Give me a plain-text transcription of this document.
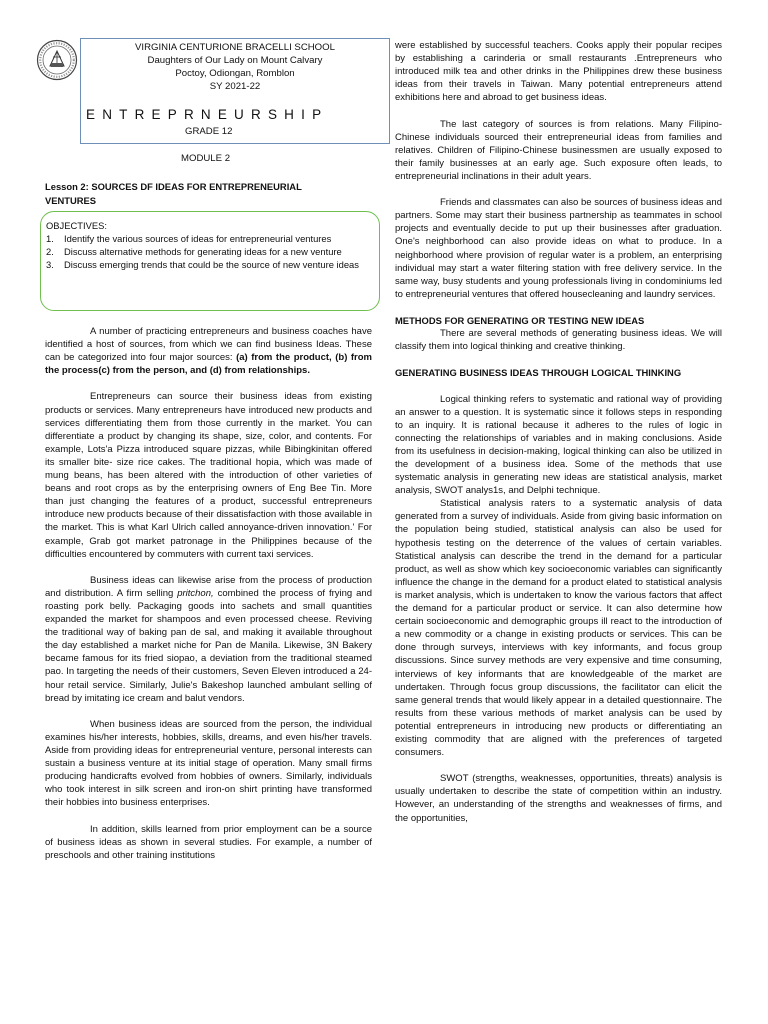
VIRGINIA CENTURIONE BRACELLI SCHOOL
Daughters of Our Lady on Mount Calvary
Poctoy, Odiongan, Romblon
SY 2021-22
ENTREPRNEURSHIP
GRADE 12
MODULE 2
Lesson 2: SOURCES DF IDEAS FOR ENTREPRENEURIAL VENTURES
OBJECTIVES:
1.	Identify the various sources of ideas for entrepreneurial ventures
2.	Discuss alternative methods for generating ideas for a new venture
3.	Discuss emerging trends that could be the source of new venture ideas

A number of practicing entrepreneurs and business coaches have identified a host of sources, from which we can find business Ideas. These can be categorized into four major sources: (a) from the product, (b) from the process(c) from the person, and (d) from relationships.

Entrepreneurs can source their business ideas from existing products or services. Many entrepreneurs have introduced new products and services differentiating them from those currently in the market. You can differentiate a product by changing its shape, size, color, and contents. For example, Lots'a Pizza introduced square pizzas, while Bibingkinitan offered its smaller bite- size rice cakes. The traditional hopia, which was made of mung beans, has been altered with the introduction of other varieties of beans and root crops as by the enterprising owners of Eng Bee Tin. More than just changing the features of a product, successful entrepreneurs introduce new products because of their dissatisfaction with those available in the market. This is what Karl Ulrich called annoyance-driven innovation.' For example, Grab got market patronage in the Philippines because of the difficulties encountered by commuters with current taxi services.

Business ideas can likewise arise from the process of production and distribution. A firm selling pritchon, combined the process of frying and roasting pork belly. Packaging goods into sachets and small quantities expanded the market for shampoos and even processed cheese. Reviving the traditional way of baking pan de sal, and making it available throughout the day established a market niche for Pan de Manila. Likewise, 3N Bakery became famous for its fried siopao, a deviation from the traditional steamed pao. In targeting the needs of their customers, Seven Eleven introduced a 24-hour retail service. Similarly, Julie's Bakeshop launched ambulant selling of bread by imitating ice cream and balut vendors.

When business ideas are sourced from the person, the individual examines his/her interests, hobbies, skills, dreams, and even his/her travels. Aside from providing ideas for entrepreneurial venture, personal interests can sustain a business venture at its initial stage of operation. Many small firms producing handicrafts evolved from hobbies of owners. Similarly, individuals who took interest in silk screen and iron-on shirt printing have transformed their hobbies into business enterprises.

In addition, skills learned from prior employment can be a source of business ideas as shown in several studies. For example, a number of preschools and other training institutions

were established by successful teachers. Cooks apply their popular recipes by establishing a carinderia or small restaurants .Entrepreneurs who introduced milk tea and other drinks in the Philippines drew these business ideas from their travels in Taiwan. Many potential entrepreneurs attend exhibitions here and abroad to get business ideas.

The last category of sources is from relations. Many Filipino-Chinese individuals sourced their entrepreneurial ideas from families and relatives. Children of Filipino-Chinese businessmen are usually exposed to their family businesses at an early age. Such exposure often leads, to entrepreneurial inclinations in their adult years.

Friends and classmates can also be sources of business ideas and partners. Some may start their business partnership as teammates in school projects and eventually decide to put up their businesses after graduation. One's neighborhood can also provide ideas on what to produce. In a neighborhood where provision of regular water is a problem, an enterprising individual may start a water filtering station with free delivery service. In the same way, busy students and young professionals living in condominiums led to entrepreneurial ventures that offered housecleaning and laundry services.

METHODS FOR GENERATING OR TESTING NEW IDEAS

There are several methods of generating business ideas. We will classify them into logical thinking and creative thinking.

GENERATING BUSINESS IDEAS THROUGH LOGICAL THINKING

Logical thinking refers to systematic and rational way of providing an answer to a question. It is systematic since it follows steps in responding to an inquiry. It is rational because it adheres to the rules of logic in connecting the relationships of variables and in making conclusions. Aside from its usefulness in decision-making, logical thinking can also be utilized in the development of a business idea. Some of the methods that use systematic analysis in generating new ideas are statistical analysis, market analysis, SWOT analys1s, and Delphi technique.

Statistical analysis raters to a systematic analysis of data generated from a survey of individuals. Aside from giving basic information on the population being studied, statistical analysis can also be used for hypothesis testing on the deterrence of the values of certain variables. Statistical analysis can describe the trend in the demand for a particular product, as well as show which key socioeconomic variables can significantly influence the change in the demand for a product elated to statistical analysis is market analysis, which is undertaken to know the various factors that affect the demand for a particular product or service. It can also determine how certain socioeconomic and demographic groups ill react to the introduction of a new commodity or a change in existing products or services. This can be done through surveys, interviews with key informants, and focus group discussions. Since survey methods are very expensive and time consuming, interviews of key informants that are knowledgeable of the market are undertaken. Through focus group discussions, the facilitator can elicit the same general trends that would likely appear in a detailed questionnaire. The results from these various methods of market analysis can be used by potential entrepreneurs in introducing new products or differentiating an existing commodity that are aligned with the preferences of targeted consumers.

SWOT (strengths, weaknesses, opportunities, threats) analysis is usually undertaken to describe the state of competition within an industry. However, an understanding of the strengths and weaknesses of firms, and the opportunities,
